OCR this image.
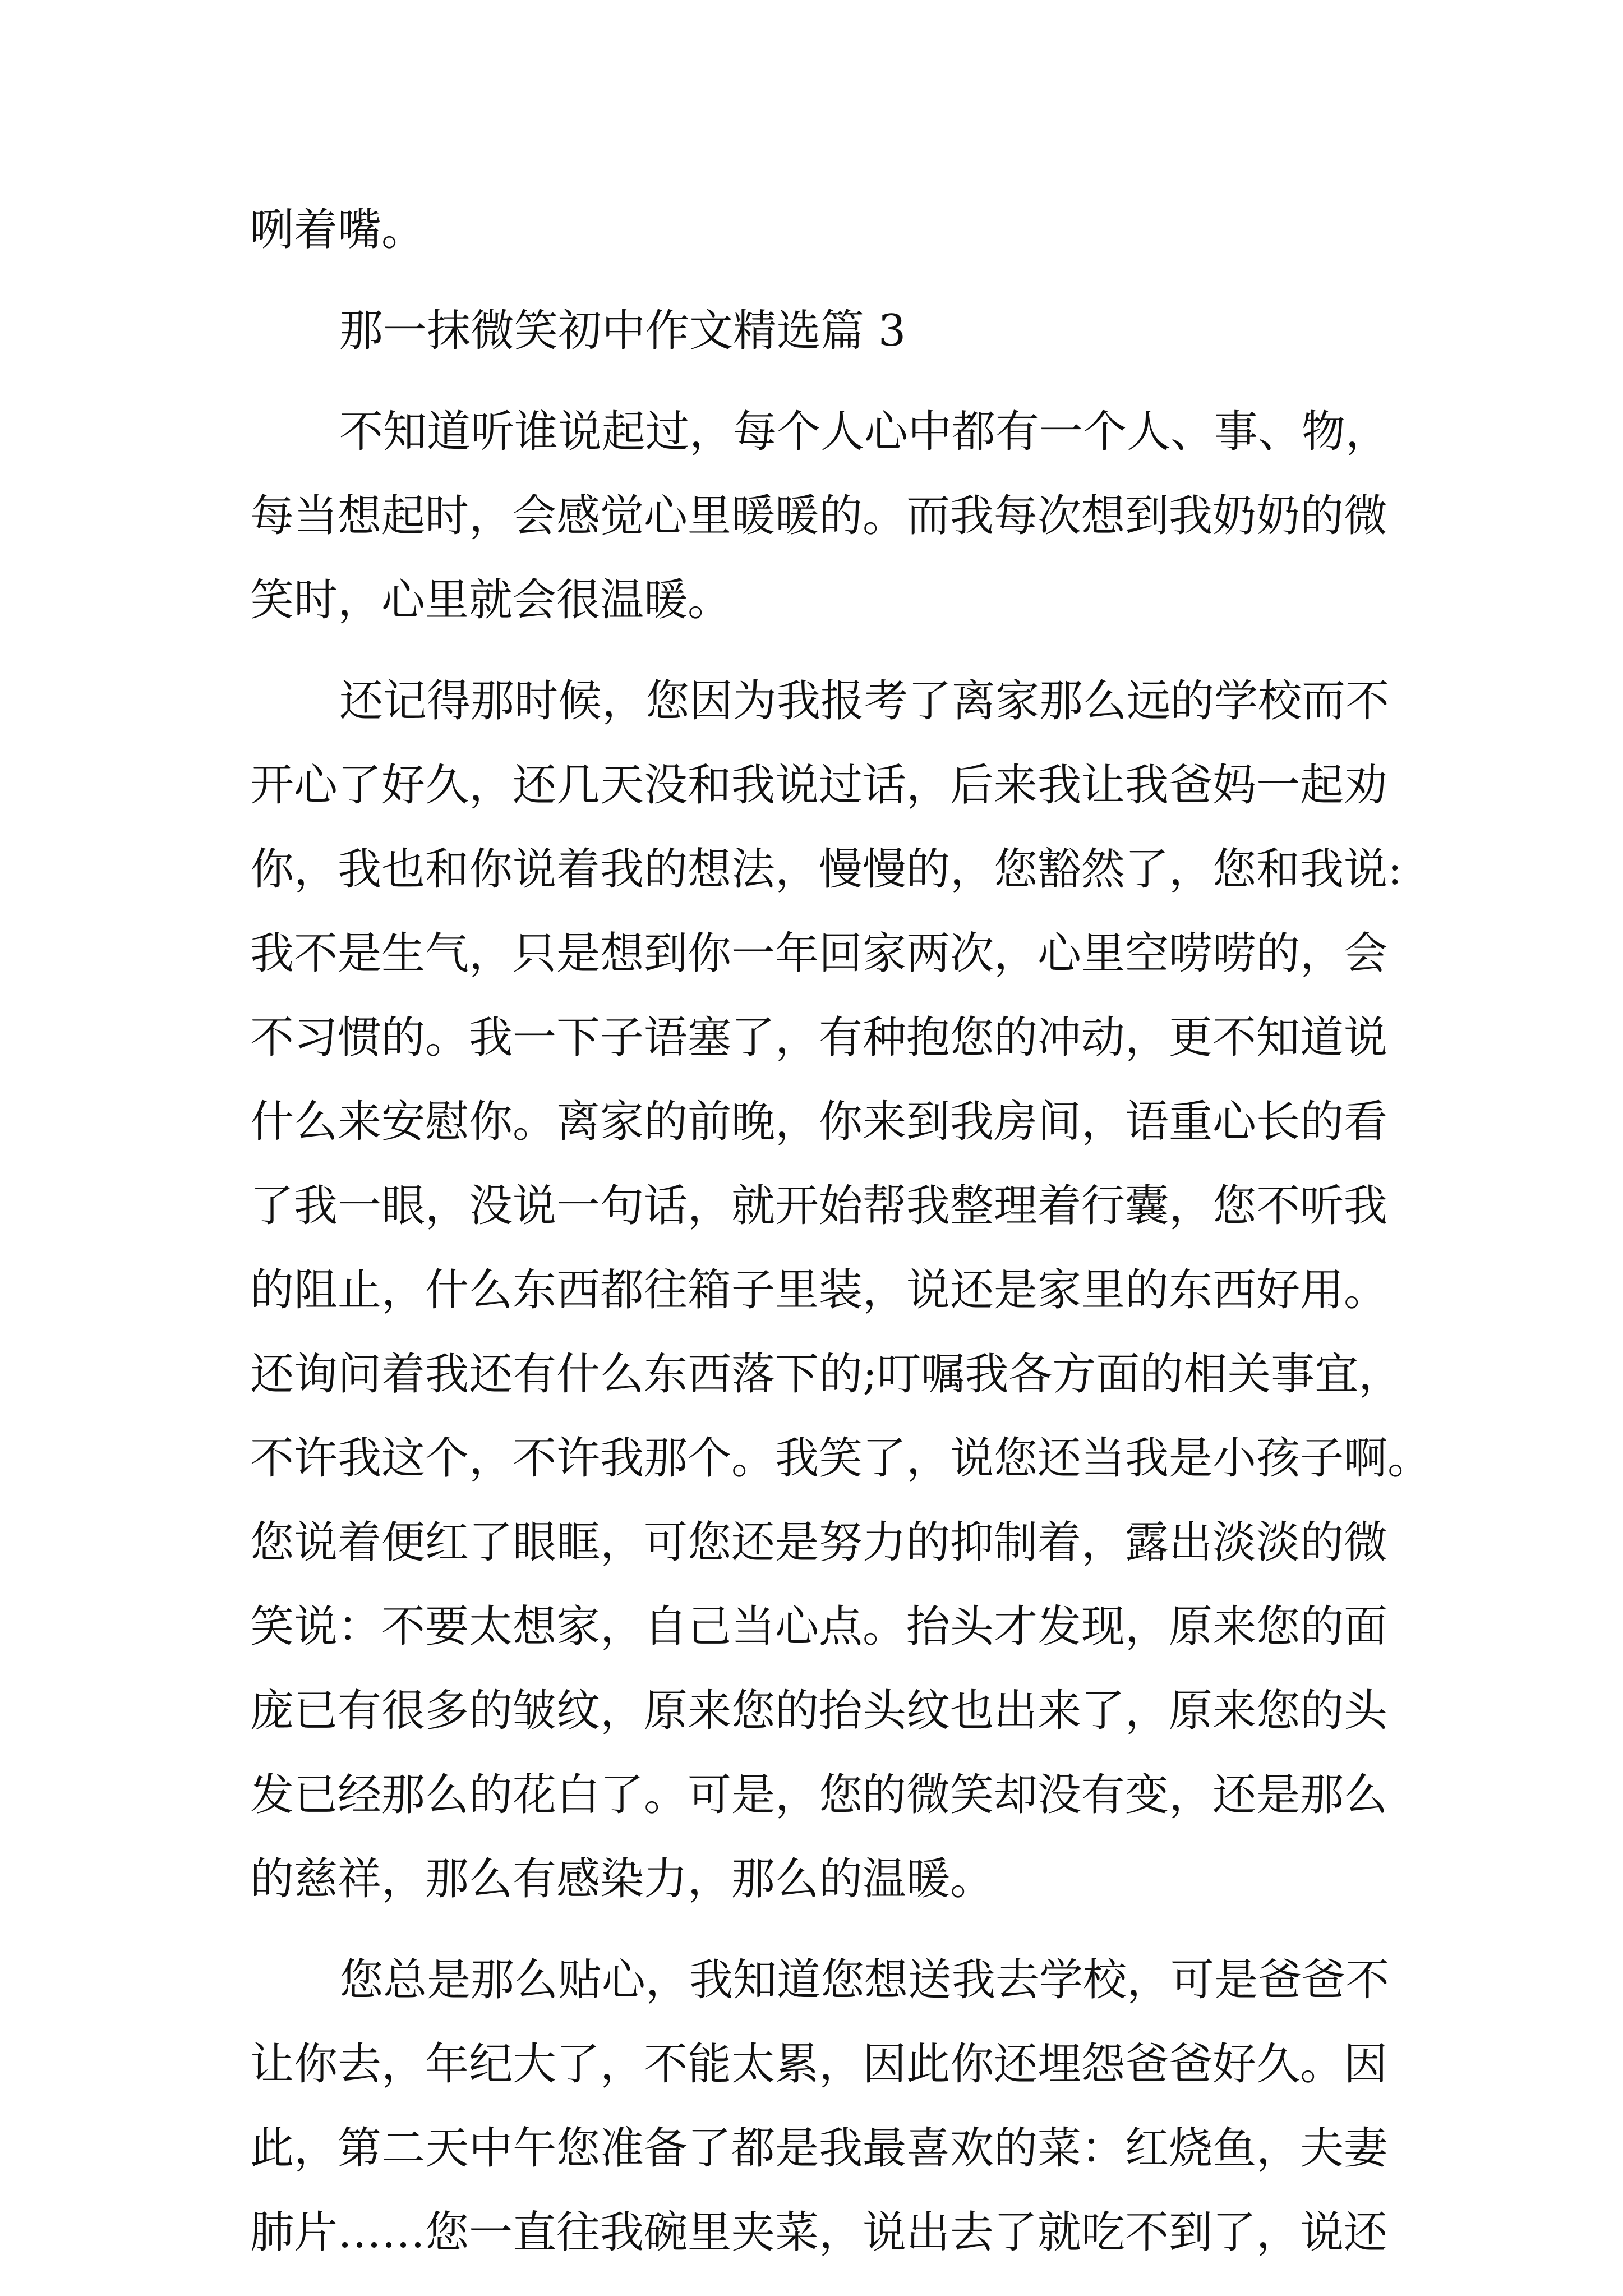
咧着嘴。
那一抹微笑初中作文精选篇 3
不知道听谁说起过，每个人心中都有一个人、事、物，
每当想起时，会感觉心里暖暖的。而我每次想到我奶奶的微
笑时，心里就会很温暖。
还记得那时候，您因为我报考了离家那么远的学校而不
开心了好久，还几天没和我说过话，后来我让我爸妈一起劝
你，我也和你说着我的想法，慢慢的，您豁然了，您和我说:
我不是生气，只是想到你一年回家两次，心里空唠唠的，会
不习惯的。我一下子语塞了，有种抱您的冲动，更不知道说
什么来安慰你。离家的前晚，你来到我房间，语重心长的看
了我一眼，没说一句话，就开始帮我整理着行囊，您不听我
的阻止，什么东西都往箱子里装，说还是家里的东西好用。
还询问着我还有什么东西落下的;叮嘱我各方面的相关事宜，
不许我这个，不许我那个。我笑了，说您还当我是小孩子啊。
您说着便红了眼眶，可您还是努力的抑制着，露出淡淡的微
笑说：不要太想家，自己当心点。抬头才发现，原来您的面
庞已有很多的皱纹，原来您的抬头纹也出来了，原来您的头
发已经那么的花白了。可是，您的微笑却没有变，还是那么
的慈祥，那么有感染力，那么的温暖。
您总是那么贴心，我知道您想送我去学校，可是爸爸不
让你去，年纪大了，不能太累，因此你还埋怨爸爸好久。因
此，第二天中午您准备了都是我最喜欢的菜：红烧鱼，夫妻
肺片……您一直往我碗里夹菜，说出去了就吃不到了，说还
